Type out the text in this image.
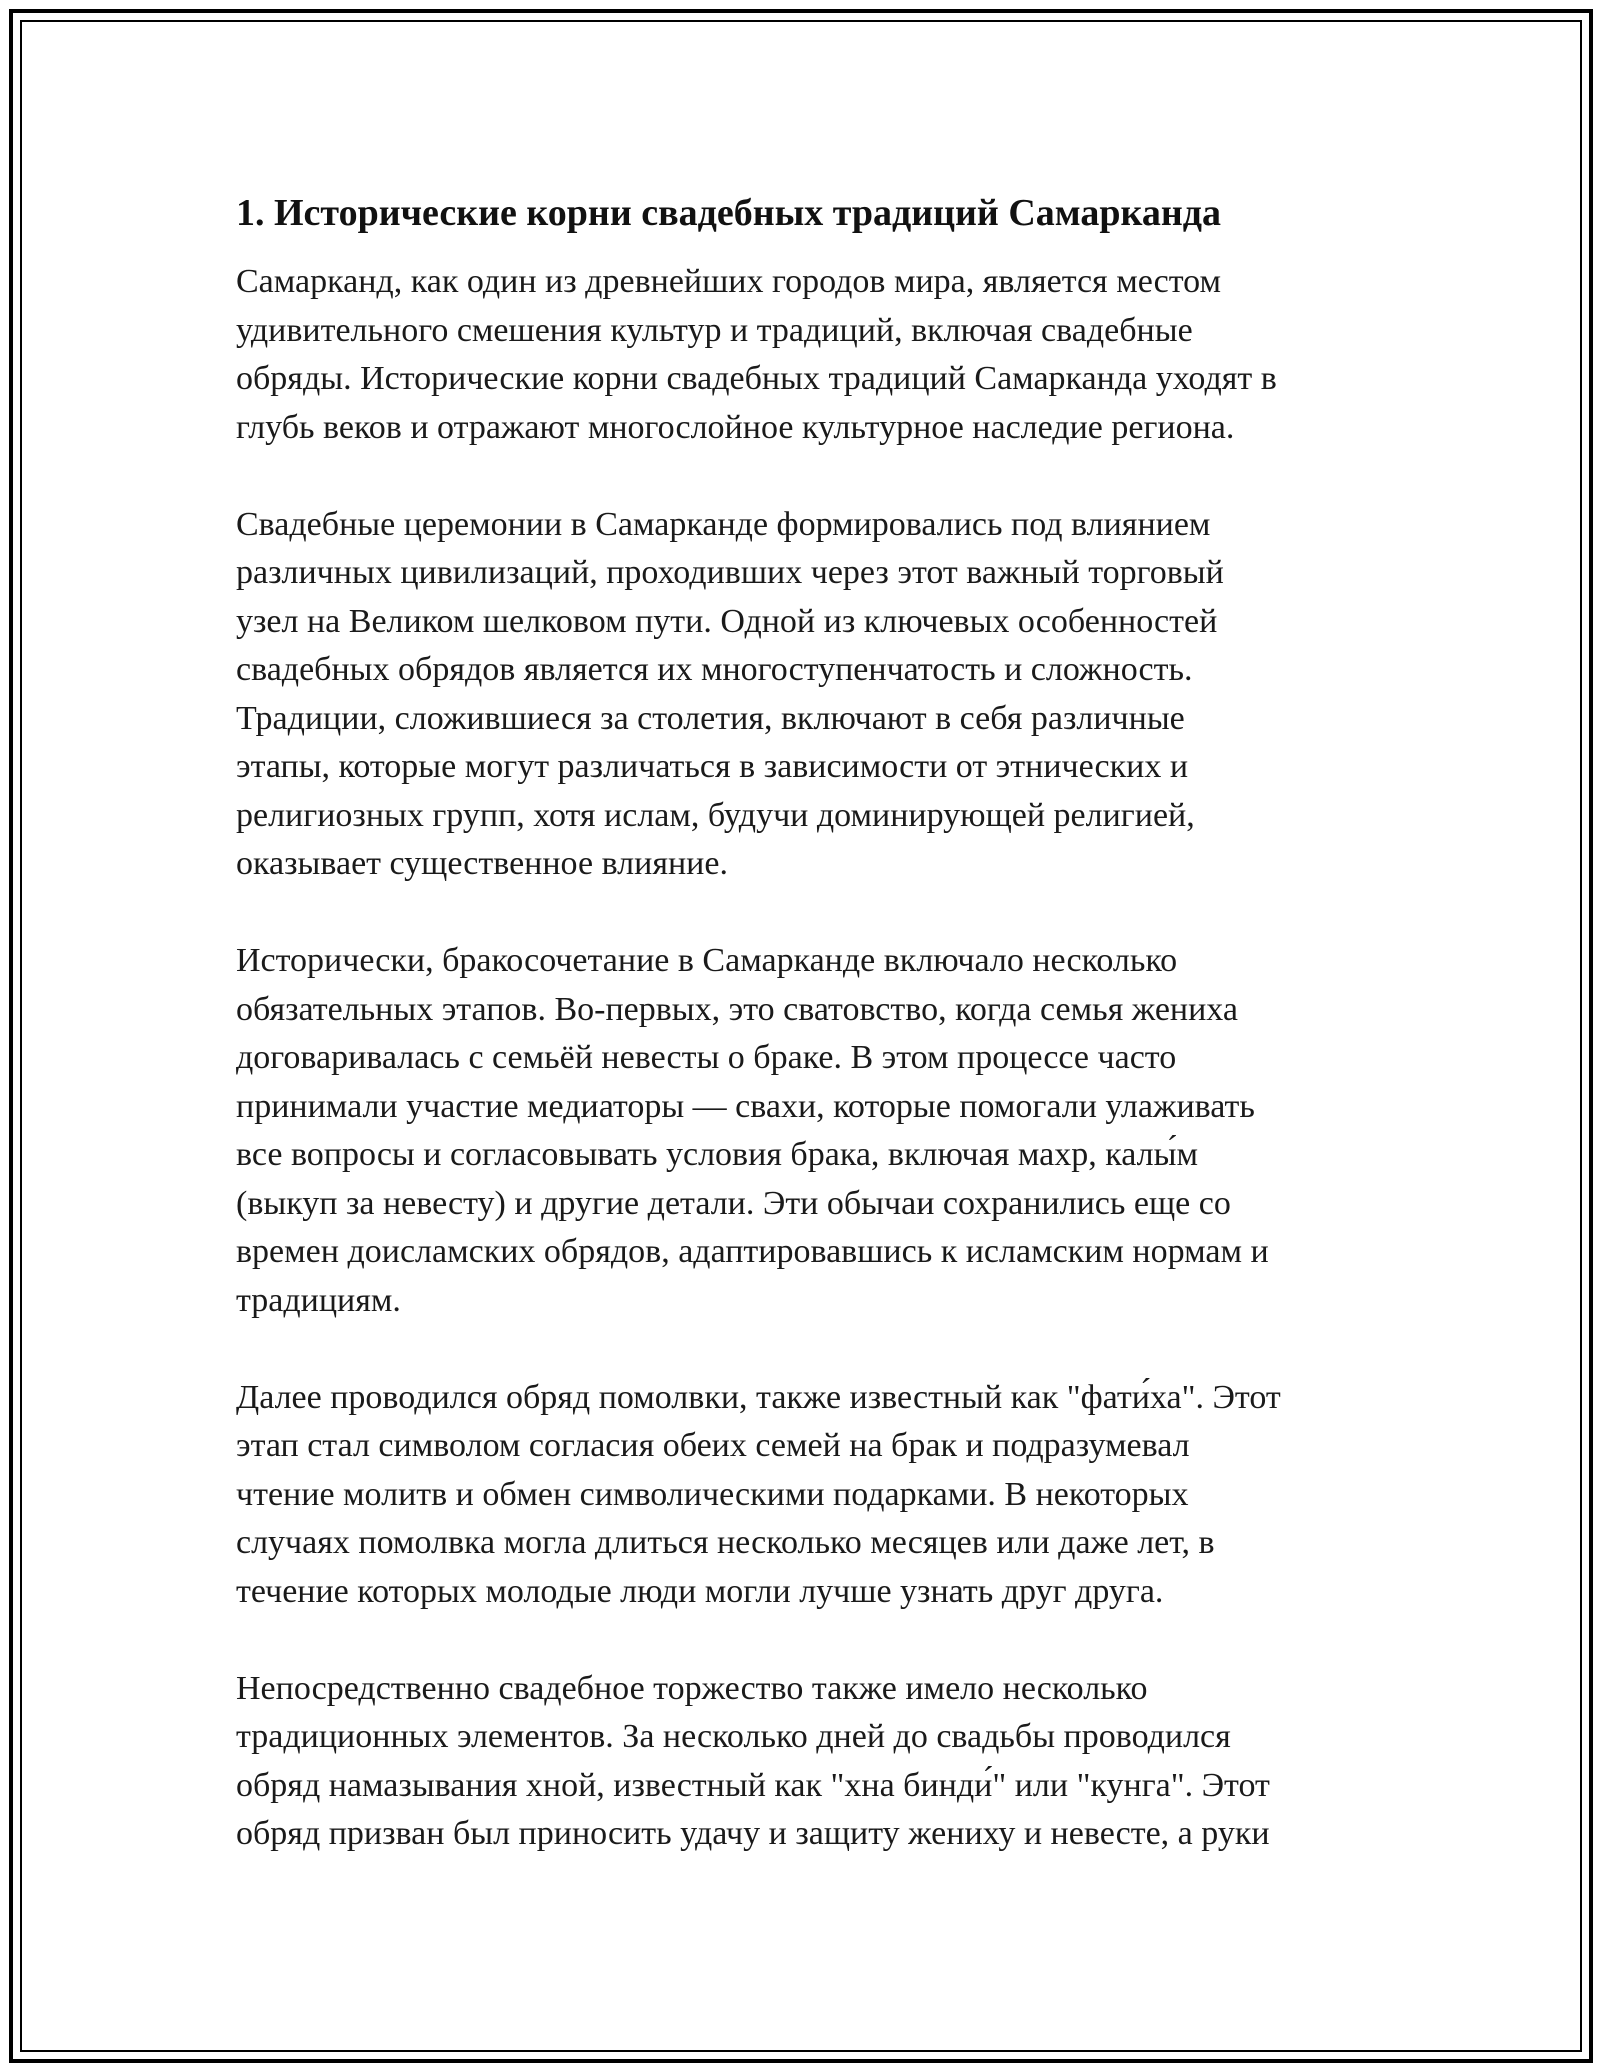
1. Исторические корни свадебных традиций Самарканда

Самарканд, как один из древнейших городов мира, является местом
удивительного смешения культур и традиций, включая свадебные
обряды. Исторические корни свадебных традиций Самарканда уходят в
глубь веков и отражают многослойное культурное наследие региона.

Свадебные церемонии в Самарканде формировались под влиянием
различных цивилизаций, проходивших через этот важный торговый
узел на Великом шелковом пути. Одной из ключевых особенностей
свадебных обрядов является их многоступенчатость и сложность.
Традиции, сложившиеся за столетия, включают в себя различные
этапы, которые могут различаться в зависимости от этнических и
религиозных групп, хотя ислам, будучи доминирующей религией,
оказывает существенное влияние.

Исторически, бракосочетание в Самарканде включало несколько
обязательных этапов. Во-первых, это сватовство, когда семья жениха
договаривалась с семьёй невесты о браке. В этом процессе часто
принимали участие медиаторы — свахи, которые помогали улаживать
все вопросы и согласовывать условия брака, включая махр, калы́м
(выкуп за невесту) и другие детали. Эти обычаи сохранились еще со
времен доисламских обрядов, адаптировавшись к исламским нормам и
традициям.

Далее проводился обряд помолвки, также известный как "фати́ха". Этот
этап стал символом согласия обеих семей на брак и подразумевал
чтение молитв и обмен символическими подарками. В некоторых
случаях помолвка могла длиться несколько месяцев или даже лет, в
течение которых молодые люди могли лучше узнать друг друга.

Непосредственно свадебное торжество также имело несколько
традиционных элементов. За несколько дней до свадьбы проводился
обряд намазывания хной, известный как "хна бинди́" или "кунга". Этот
обряд призван был приносить удачу и защиту жениху и невесте, а руки
